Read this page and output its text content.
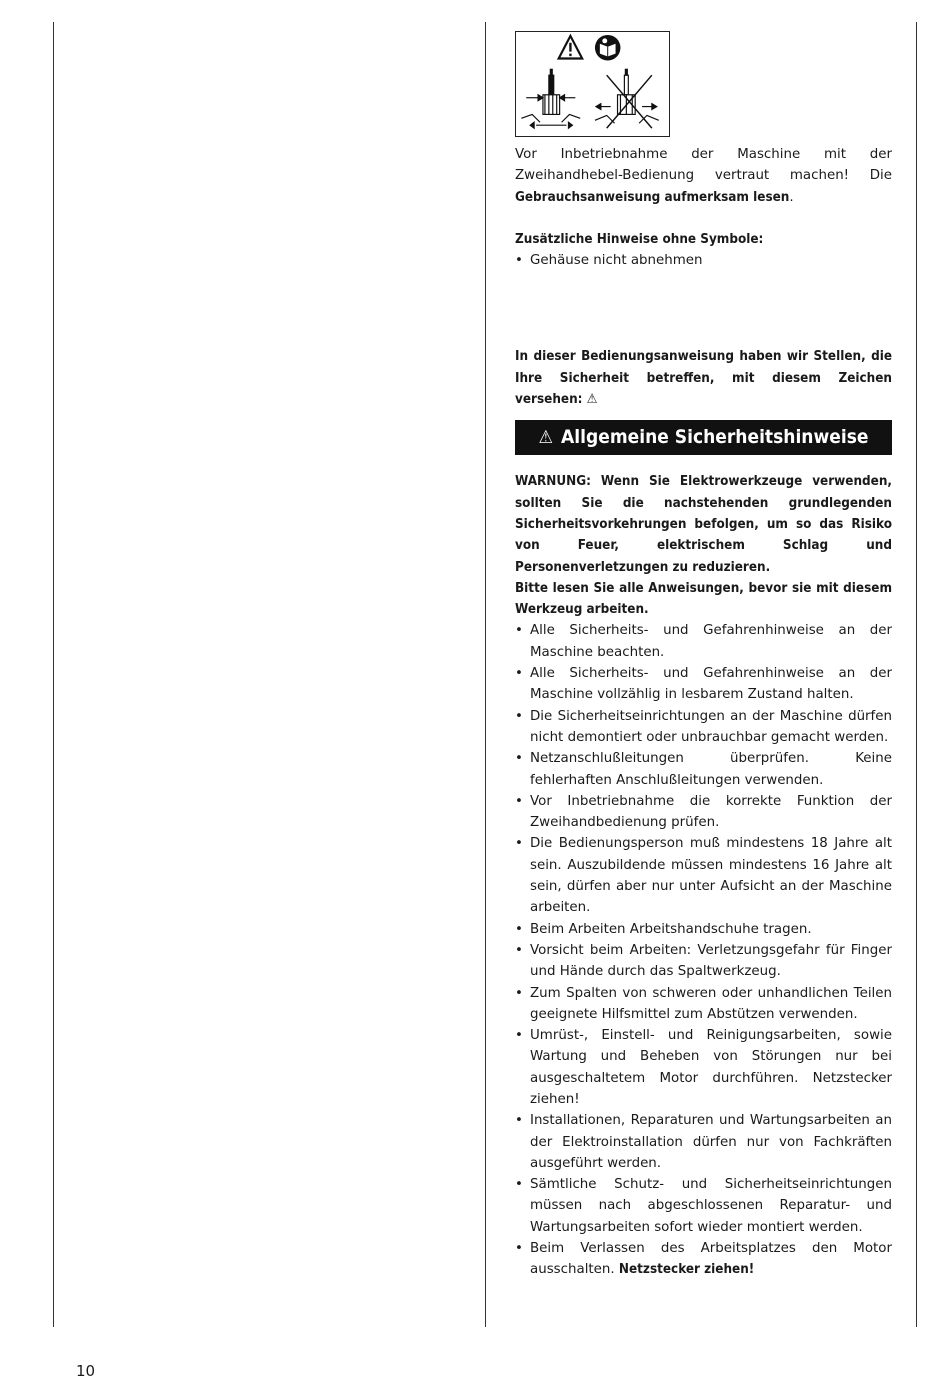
Vor Inbetriebnahme der Maschine mit der Zweihandhebel-Bedienung vertraut machen! Die Gebrauchsanweisung aufmerksam lesen.

Zusätzliche Hinweise ohne Symbole:

• Gehäuse nicht abnehmen

In dieser Bedienungsanweisung haben wir Stellen, die Ihre Sicherheit betreffen, mit diesem Zeichen versehen: ⚠

⚠ Allgemeine Sicherheitshinweise

WARNUNG: Wenn Sie Elektrowerkzeuge verwenden, sollten Sie die nachstehenden grundlegenden Sicherheitsvorkehrungen befolgen, um so das Risiko von Feuer, elektrischem Schlag und Personenverletzungen zu reduzieren.

Bitte lesen Sie alle Anweisungen, bevor sie mit diesem Werkzeug arbeiten.

• Alle Sicherheits- und Gefahrenhinweise an der Maschine beachten.
• Alle Sicherheits- und Gefahrenhinweise an der Maschine vollzählig in lesbarem Zustand halten.
• Die Sicherheitseinrichtungen an der Maschine dürfen nicht demontiert oder unbrauchbar gemacht werden.
• Netzanschlußleitungen überprüfen. Keine fehlerhaften Anschlußleitungen verwenden.
• Vor Inbetriebnahme die korrekte Funktion der Zweihandbedienung prüfen.
• Die Bedienungsperson muß mindestens 18 Jahre alt sein. Auszubildende müssen mindestens 16 Jahre alt sein, dürfen aber nur unter Aufsicht an der Maschine arbeiten.
• Beim Arbeiten Arbeitshandschuhe tragen.
• Vorsicht beim Arbeiten: Verletzungsgefahr für Finger und Hände durch das Spaltwerkzeug.
• Zum Spalten von schweren oder unhandlichen Teilen geeignete Hilfsmittel zum Abstützen verwenden.
• Umrüst-, Einstell- und Reinigungsarbeiten, sowie Wartung und Beheben von Störungen nur bei ausgeschaltetem Motor durchführen. Netzstecker ziehen!
• Installationen, Reparaturen und Wartungsarbeiten an der Elektroinstallation dürfen nur von Fachkräften ausgeführt werden.
• Sämtliche Schutz- und Sicherheitseinrichtungen müssen nach abgeschlossenen Reparatur- und Wartungsarbeiten sofort wieder montiert werden.
• Beim Verlassen des Arbeitsplatzes den Motor ausschalten. Netzstecker ziehen!
10
